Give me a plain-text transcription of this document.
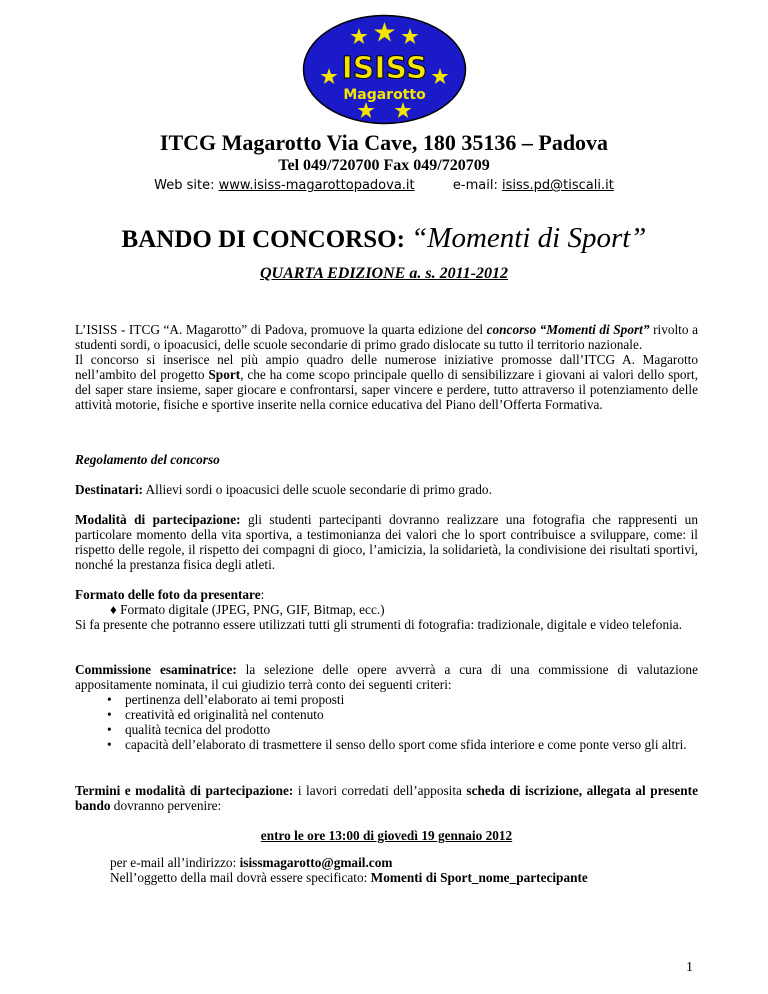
ISISS
Magarotto
ITCG Magarotto Via Cave, 180 35136 – Padova
Tel 049/720700 Fax 049/720709
Web site: www.isiss-magarottopadova.it	e-mail: isiss.pd@tiscali.it
BANDO DI CONCORSO: “Momenti di Sport”
QUARTA EDIZIONE a. s. 2011-2012
L’ISISS - ITCG “A. Magarotto” di Padova, promuove la quarta edizione del concorso “Momenti di Sport” rivolto a studenti sordi, o ipoacusici, delle scuole secondarie di primo grado dislocate su tutto il territorio nazionale.
Il concorso si inserisce nel più ampio quadro delle numerose iniziative promosse dall’ITCG A. Magarotto nell’ambito del progetto Sport, che ha come scopo principale quello di sensibilizzare i giovani ai valori dello sport, del saper stare insieme, saper giocare e confrontarsi, saper vincere e perdere, tutto attraverso il potenziamento delle attività motorie, fisiche e sportive inserite nella cornice educativa del Piano dell’Offerta Formativa.
Regolamento del concorso
Destinatari: Allievi sordi o ipoacusici delle scuole secondarie di primo grado.
Modalità di partecipazione: gli studenti partecipanti dovranno realizzare una fotografia che rappresenti un particolare momento della vita sportiva, a testimonianza dei valori che lo sport contribuisce a sviluppare, come: il rispetto delle regole, il rispetto dei compagni di gioco, l’amicizia, la solidarietà, la condivisione dei risultati sportivi, nonché la prestanza fisica degli atleti.
Formato delle foto da presentare:

♦ Formato digitale (JPEG, PNG, GIF, Bitmap, ecc.)
Si fa presente che potranno essere utilizzati tutti gli strumenti di fotografia: tradizionale, digitale e video telefonia.
Commissione esaminatrice: la selezione delle opere avverrà a cura di una commissione di valutazione appositamente nominata, il cui giudizio terrà conto dei seguenti criteri:
• pertinenza dell’elaborato ai temi proposti
• creatività ed originalità nel contenuto
• qualità tecnica del prodotto
• capacità dell’elaborato di trasmettere il senso dello sport come sfida interiore e come ponte verso gli altri.
Termini e modalità di partecipazione: i lavori corredati dell’apposita scheda di iscrizione, allegata al presente bando dovranno pervenire:
entro le ore 13:00 di giovedì 19 gennaio 2012
per e-mail all’indirizzo: isissmagarotto@gmail.com
Nell’oggetto della mail dovrà essere specificato: Momenti di Sport_nome_partecipante
1
